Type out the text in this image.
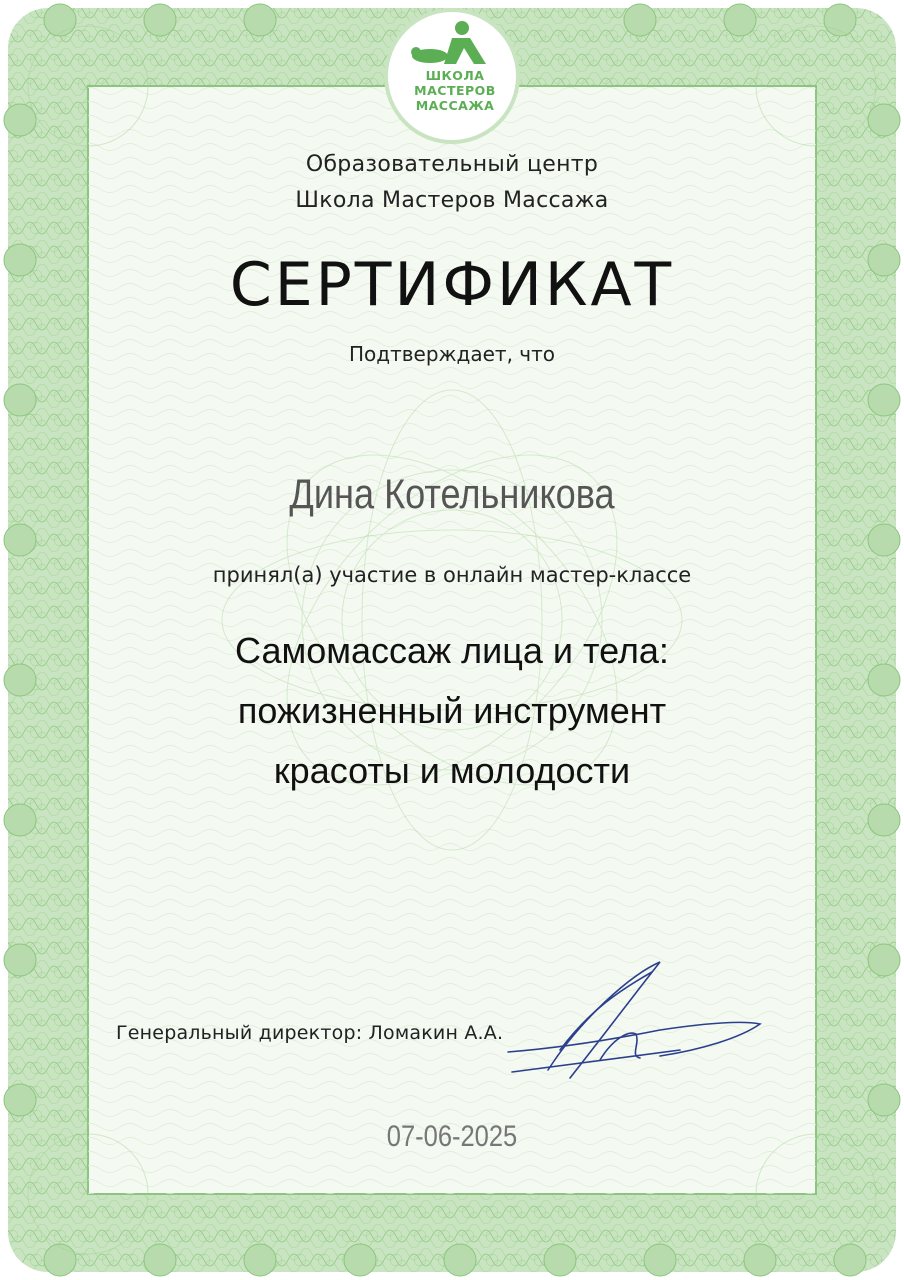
ШКОЛА
МАСТЕРОВ
МАССАЖА
Образовательный центр
Школа Мастеров Массажа
СЕРТИФИКАТ
Подтверждает, что
Дина Котельникова
принял(а) участие в онлайн мастер-классе
Самомассаж лица и тела:
пожизненный инструмент
красоты и молодости
Генеральный директор: Ломакин А.А.
07-06-2025
